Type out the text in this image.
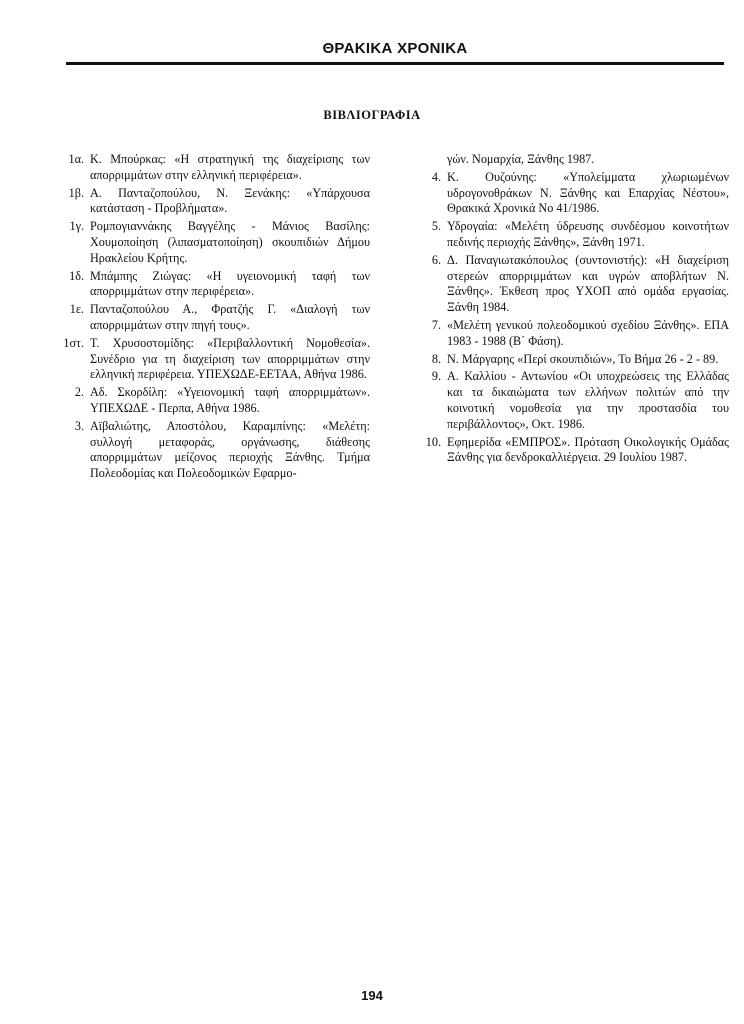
ΘΡΑΚΙΚΑ ΧΡΟΝΙΚΑ
ΒΙΒΛΙΟΓΡΑΦΙΑ
1α. Κ. Μπούρκας: «Η στρατηγική της διαχείρισης των απορριμμάτων στην ελληνική περιφέρεια».
1β. Α. Πανταζοπούλου, Ν. Ξενάκης: «Υπάρχουσα κατάσταση - Προβλήματα».
1γ. Ρομπογιαννάκης Βαγγέλης - Μάνιος Βασίλης: Χουμοποίηση (λιπασματοποίηση) σκουπιδιών Δήμου Ηρακλείου Κρήτης.
1δ. Μπάμπης Ζιώγας: «Η υγειονομική ταφή των απορριμμάτων στην περιφέρεια».
1ε. Πανταζοπούλου Α., Φρατζής Γ. «Διαλογή των απορριμμάτων στην πηγή τους».
1στ. Τ. Χρυσοστομίδης: «Περιβαλλοντική Νομοθεσία». Συνέδριο για τη διαχείριση των απορριμμάτων στην ελληνική περιφέρεια. ΥΠΕΧΩΔΕ-ΕΕΤΑΑ, Αθήνα 1986.
2. Αδ. Σκορδίλη: «Υγειονομική ταφή απορριμμάτων». ΥΠΕΧΩΔΕ - Περπα, Αθήνα 1986.
3. Αϊβαλιώτης, Αποστόλου, Καραμπίνης: «Μελέτη: συλλογή μεταφοράς, οργάνωσης, διάθεσης απορριμμάτων μείζονος περιοχής Ξάνθης. Τμήμα Πολεοδομίας και Πολεοδομικών Εφαρμο-
γών. Νομαρχία, Ξάνθης 1987.
4. Κ. Ουζούνης: «Υπολείμματα χλωριωμένων υδρογονοθράκων Ν. Ξάνθης και Επαρχίας Νέστου», Θρακικά Χρονικά Νο 41/1986.
5. Υδρογαία: «Μελέτη ύδρευσης συνδέσμου κοινοτήτων πεδινής περιοχής Ξάνθης», Ξάνθη 1971.
6. Δ. Παναγιωτακόπουλος (συντονιστής): «Η διαχείριση στερεών απορριμμάτων και υγρών αποβλήτων Ν. Ξάνθης». Έκθεση προς ΥΧΟΠ από ομάδα εργασίας. Ξάνθη 1984.
7. «Μελέτη γενικού πολεοδομικού σχεδίου Ξάνθης». ΕΠΑ 1983 - 1988 (Β΄ Φάση).
8. Ν. Μάργαρης «Περί σκουπιδιών», Το Βήμα 26 - 2 - 89.
9. Α. Καλλίου - Αντωνίου «Οι υποχρεώσεις της Ελλάδας και τα δικαιώματα των ελλήνων πολιτών από την κοινοτική νομοθεσία για την προστασδία του περιβάλλοντος», Οκτ. 1986.
10. Εφημερίδα «ΕΜΠΡΟΣ». Πρόταση Οικολογικής Ομάδας Ξάνθης για δενδροκαλλιέργεια. 29 Ιουλίου 1987.
194
